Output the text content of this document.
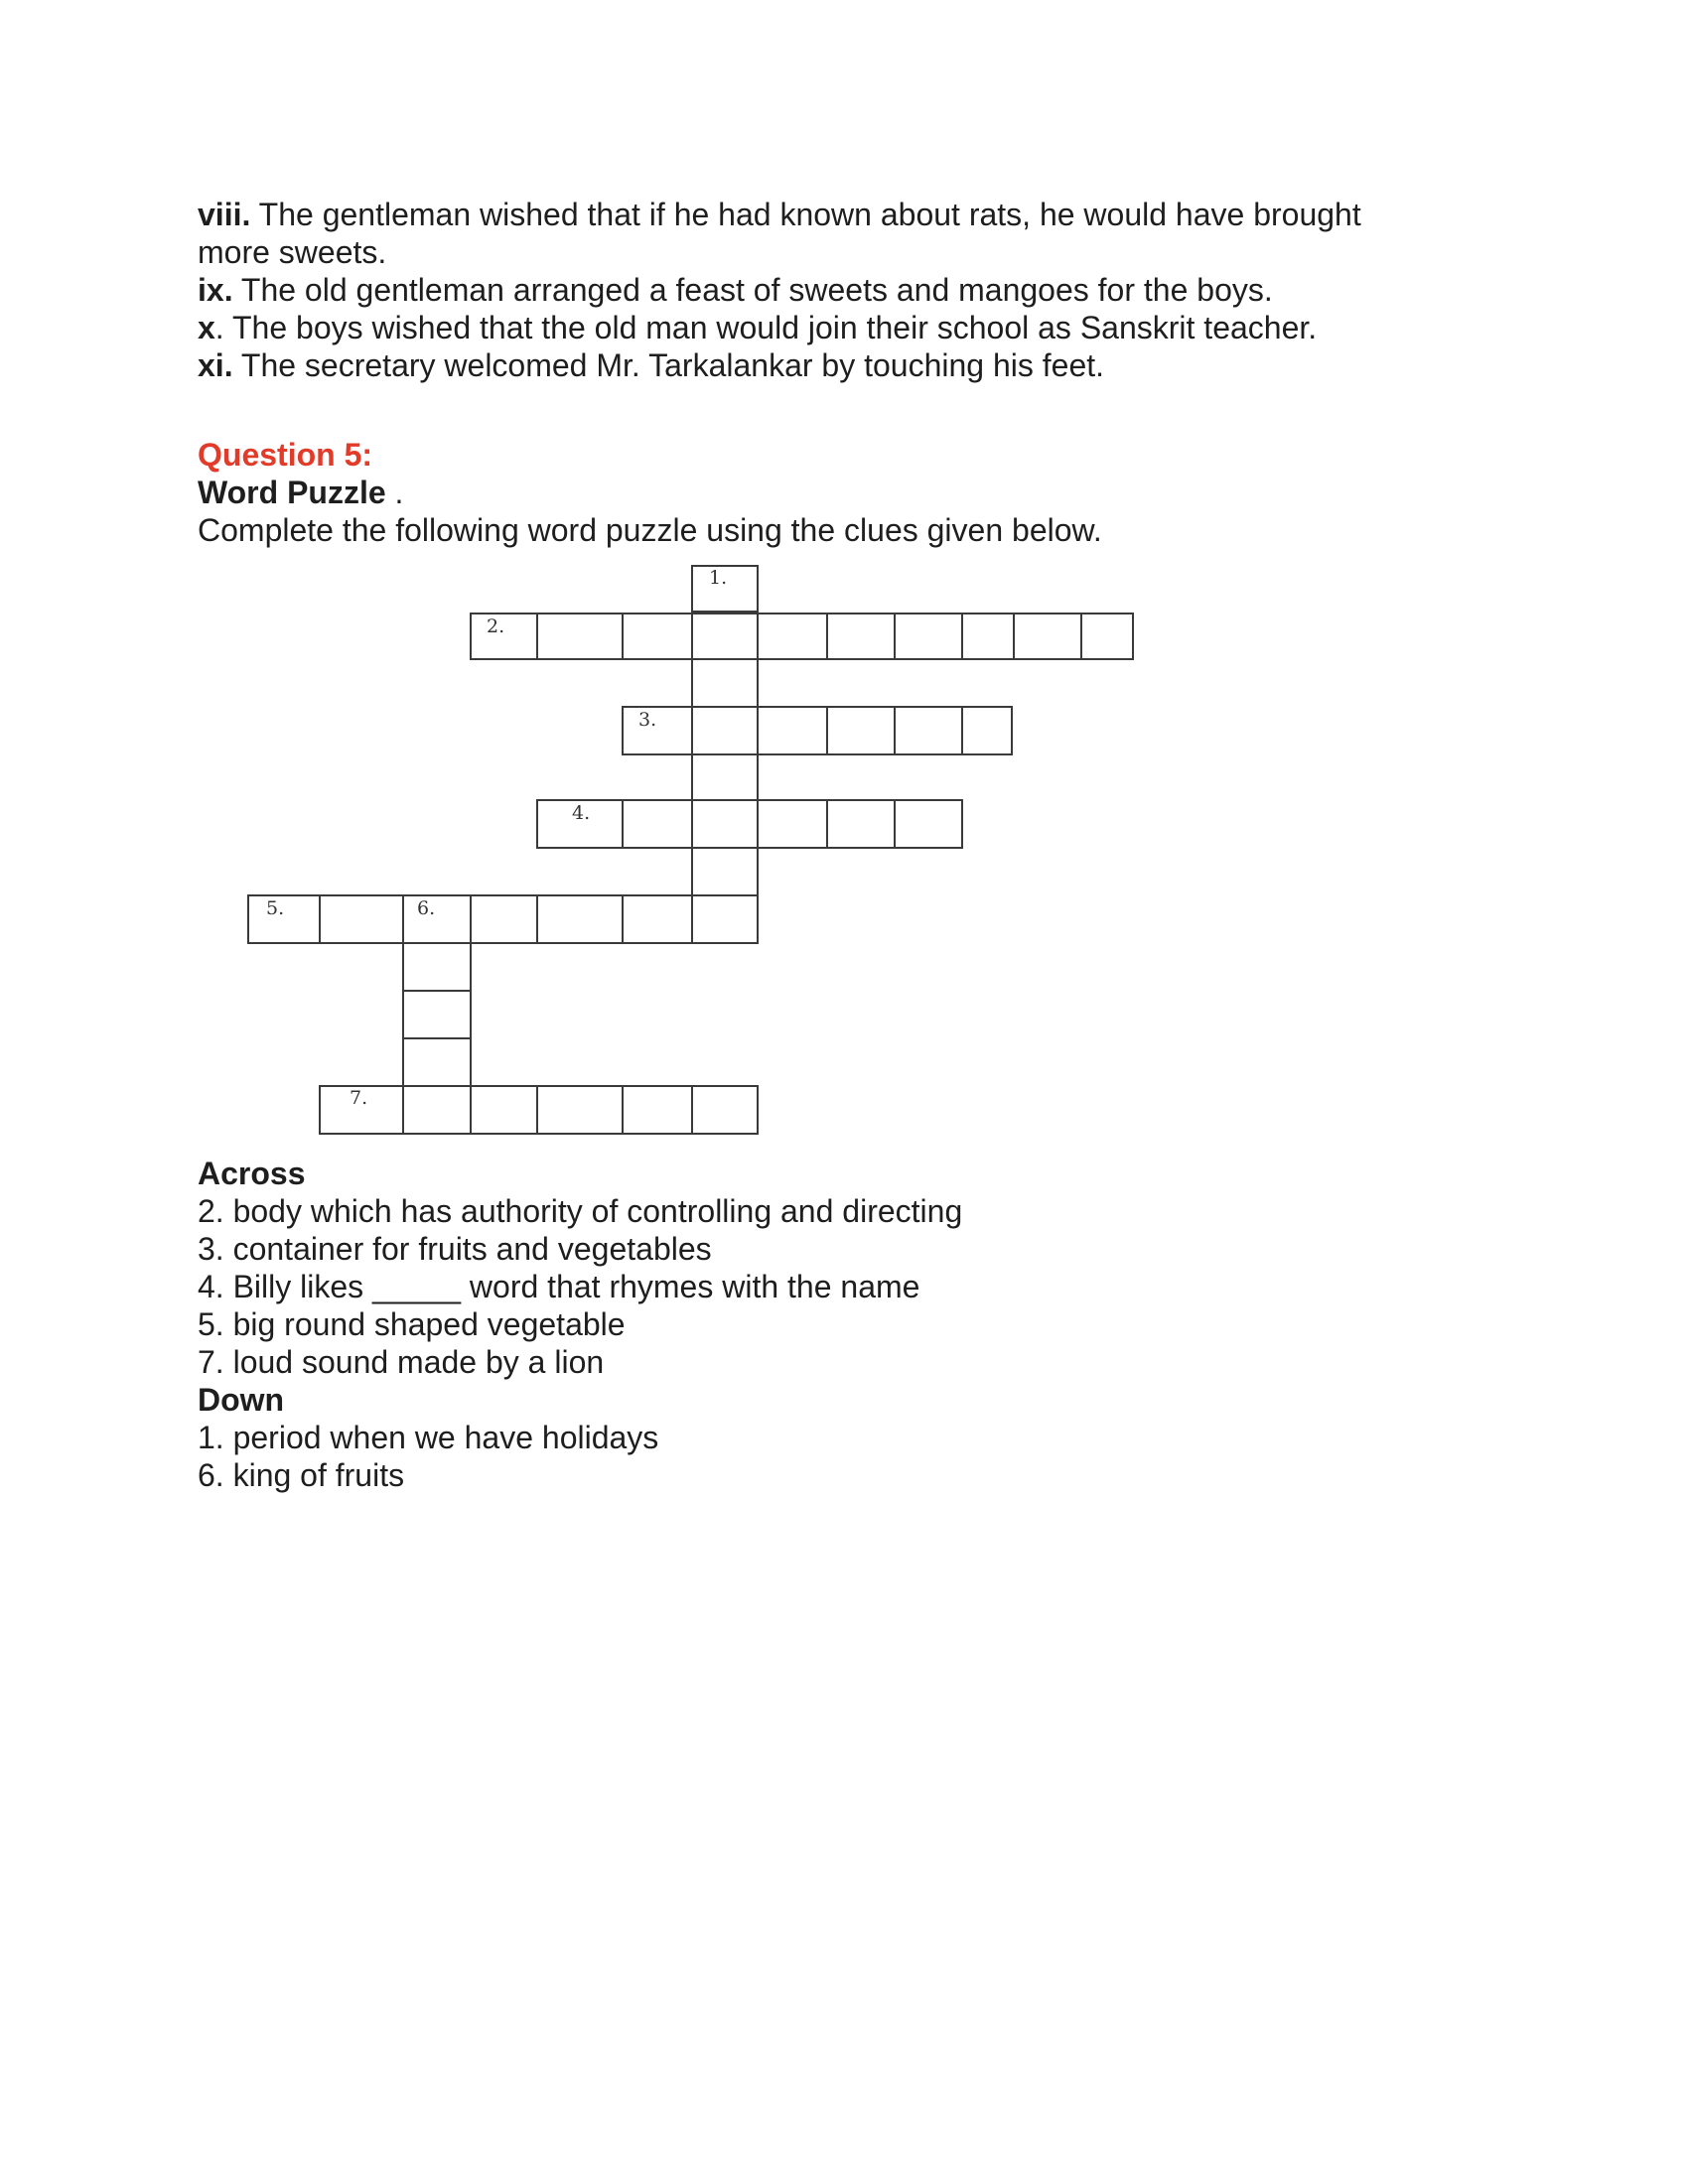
viii. The gentleman wished that if he had known about rats, he would have brought
more sweets.
ix. The old gentleman arranged a feast of sweets and mangoes for the boys.
x. The boys wished that the old man would join their school as Sanskrit teacher.
xi. The secretary welcomed Mr. Tarkalankar by touching his feet.
Question 5:
Word Puzzle .
Complete the following word puzzle using the clues given below.
1.
2.
3.
4.
5.	6.
7.
Across
2. body which has authority of controlling and directing
3. container for fruits and vegetables
4. Billy likes _____ word that rhymes with the name
5. big round shaped vegetable
7. loud sound made by a lion
Down
1. period when we have holidays
6. king of fruits
